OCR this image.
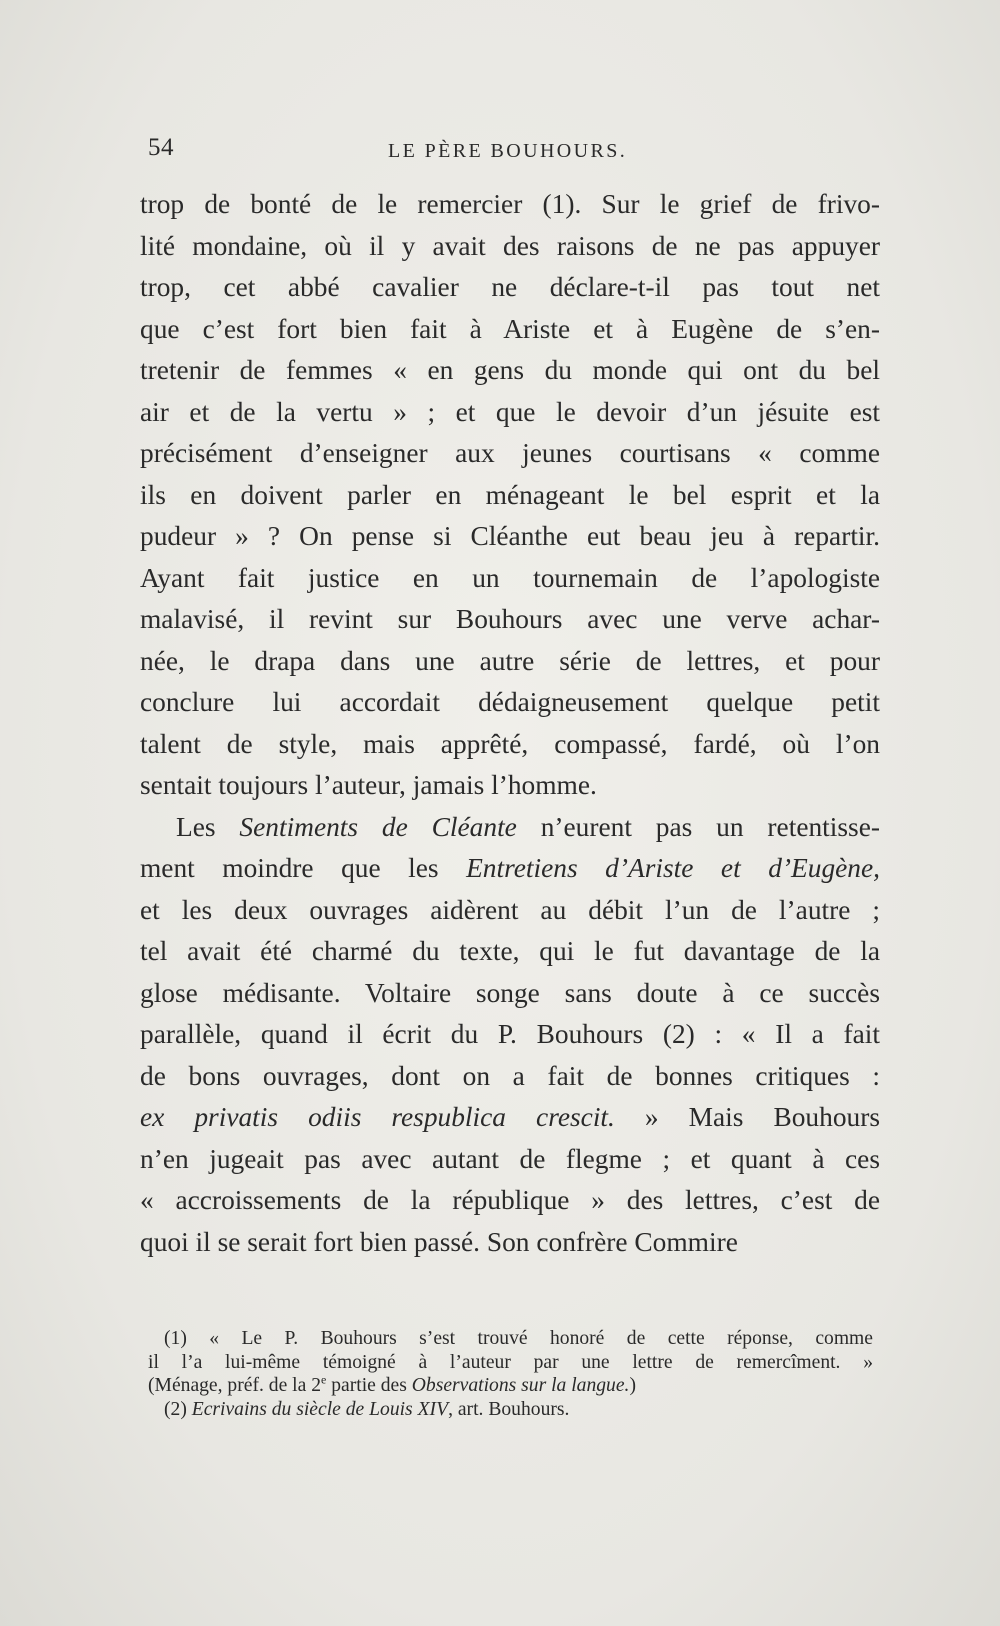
54	LE PÈRE BOUHOURS.
trop de bonté de le remercier (1). Sur le grief de frivo-
lité mondaine, où il y avait des raisons de ne pas appuyer
trop, cet abbé cavalier ne déclare-t-il pas tout net
que c’est fort bien fait à Ariste et à Eugène de s’en-
tretenir de femmes « en gens du monde qui ont du bel
air et de la vertu » ; et que le devoir d’un jésuite est
précisément d’enseigner aux jeunes courtisans « comme
ils en doivent parler en ménageant le bel esprit et la
pudeur » ? On pense si Cléanthe eut beau jeu à repartir.
Ayant fait justice en un tournemain de l’apologiste
malavisé, il revint sur Bouhours avec une verve achar-
née, le drapa dans une autre série de lettres, et pour
conclure lui accordait dédaigneusement quelque petit
talent de style, mais apprêté, compassé, fardé, où l’on
sentait toujours l’auteur, jamais l’homme.
Les Sentiments de Cléante n’eurent pas un retentisse-
ment moindre que les Entretiens d’Ariste et d’Eugène,
et les deux ouvrages aidèrent au débit l’un de l’autre ;
tel avait été charmé du texte, qui le fut davantage de la
glose médisante. Voltaire songe sans doute à ce succès
parallèle, quand il écrit du P. Bouhours (2) : « Il a fait
de bons ouvrages, dont on a fait de bonnes critiques :
ex privatis odiis respublica crescit. » Mais Bouhours
n’en jugeait pas avec autant de flegme ; et quant à ces
« accroissements de la république » des lettres, c’est de
quoi il se serait fort bien passé. Son confrère Commire
(1) « Le P. Bouhours s’est trouvé honoré de cette réponse, comme
il l’a lui-même témoigné à l’auteur par une lettre de remercîment. »
(Ménage, préf. de la 2e partie des Observations sur la langue.)
(2) Ecrivains du siècle de Louis XIV, art. Bouhours.
